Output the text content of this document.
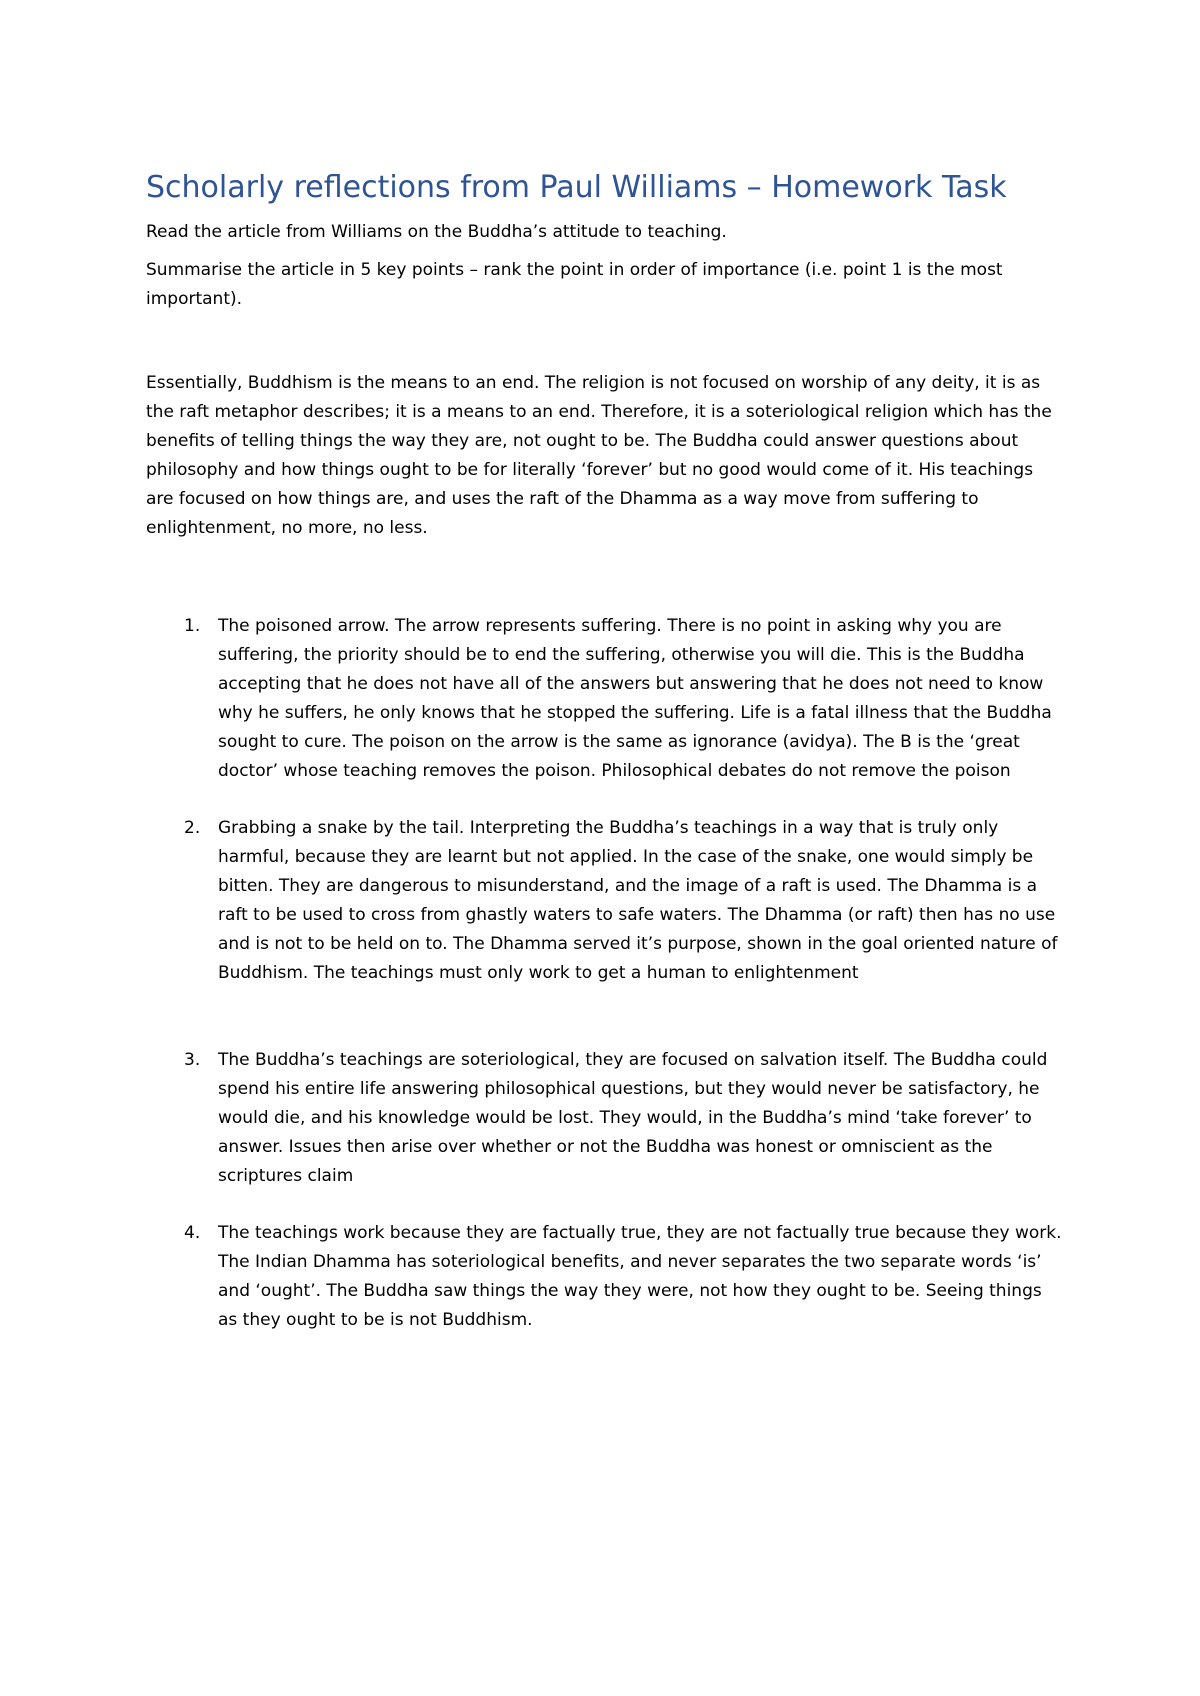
Scholarly reflections from Paul Williams – Homework Task

Read the article from Williams on the Buddha’s attitude to teaching.

Summarise the article in 5 key points – rank the point in order of importance (i.e. point 1 is the most important).

Essentially, Buddhism is the means to an end. The religion is not focused on worship of any deity, it is as the raft metaphor describes; it is a means to an end. Therefore, it is a soteriological religion which has the benefits of telling things the way they are, not ought to be. The Buddha could answer questions about philosophy and how things ought to be for literally ‘forever’ but no good would come of it. His teachings are focused on how things are, and uses the raft of the Dhamma as a way move from suffering to enlightenment, no more, no less.

1. The poisoned arrow. The arrow represents suffering. There is no point in asking why you are suffering, the priority should be to end the suffering, otherwise you will die. This is the Buddha accepting that he does not have all of the answers but answering that he does not need to know why he suffers, he only knows that he stopped the suffering. Life is a fatal illness that the Buddha sought to cure. The poison on the arrow is the same as ignorance (avidya). The B is the ‘great doctor’ whose teaching removes the poison. Philosophical debates do not remove the poison
2. Grabbing a snake by the tail. Interpreting the Buddha’s teachings in a way that is truly only harmful, because they are learnt but not applied. In the case of the snake, one would simply be bitten. They are dangerous to misunderstand, and the image of a raft is used. The Dhamma is a raft to be used to cross from ghastly waters to safe waters. The Dhamma (or raft) then has no use and is not to be held on to. The Dhamma served it’s purpose, shown in the goal oriented nature of Buddhism. The teachings must only work to get a human to enlightenment
3. The Buddha’s teachings are soteriological, they are focused on salvation itself. The Buddha could spend his entire life answering philosophical questions, but they would never be satisfactory, he would die, and his knowledge would be lost. They would, in the Buddha’s mind ‘take forever’ to answer. Issues then arise over whether or not the Buddha was honest or omniscient as the scriptures claim
4. The teachings work because they are factually true, they are not factually true because they work. The Indian Dhamma has soteriological benefits, and never separates the two separate words ‘is’ and ‘ought’. The Buddha saw things the way they were, not how they ought to be. Seeing things as they ought to be is not Buddhism.
